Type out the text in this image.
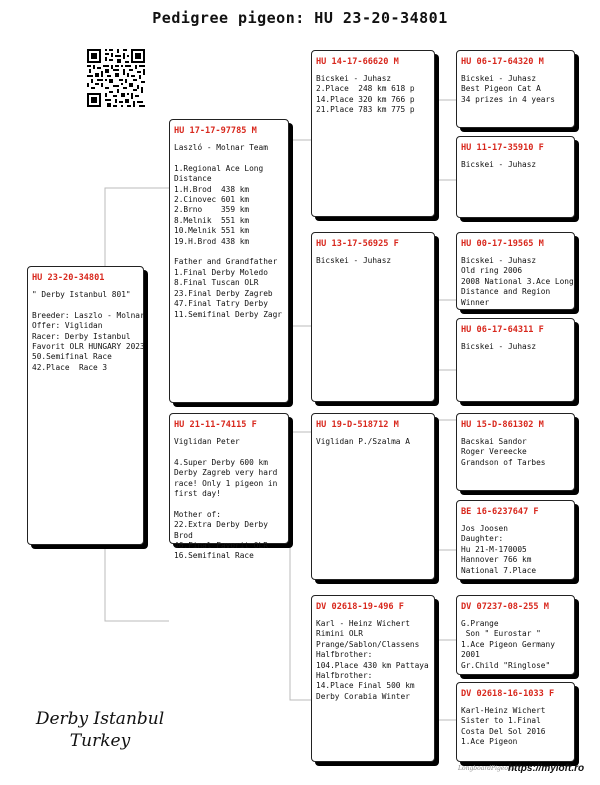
Pedigree pigeon: HU 23-20-34801
HU 23-20-34801
" Derby Istanbul 801"

Breeder: Laszlo - Molnar
Offer: Viglidan
Racer: Derby Istanbul
Favorit OLR HUNGARY 2023
50.Semifinal Race
42.Place  Race 3
HU 17-17-97785 M
Laszló - Molnar Team

1.Regional Ace Long
Distance
1.H.Brod  438 km
2.Cinovec 601 km
2.Brno    359 km
8.Melnik  551 km
10.Melnik 551 km
19.H.Brod 438 km

Father and Grandfather
1.Final Derby Moledo
8.Final Tuscan OLR
23.Final Derby Zagreb
47.Final Tatry Derby
11.Semifinal Derby Zagr
HU 21-11-74115 F
Viglidan Peter

4.Super Derby 600 km
Derby Zagreb very hard
race! Only 1 pigeon in
first day!

Mother of:
22.Extra Derby Derby
Brod
46.Final Favorit OLR
16.Semifinal Race
HU 14-17-66620 M
Bicskei - Juhasz
2.Place  248 km 618 p
14.Place 320 km 766 p
21.Place 783 km 775 p
HU 13-17-56925 F
Bicskei - Juhasz
HU 19-D-518712 M
Viglidan P./Szalma A
DV 02618-19-496 F
Karl - Heinz Wichert
Rimini OLR
Prange/Sablon/Classens
Halfbrother:
104.Place 430 km Pattaya
Halfbrother:
14.Place Final 500 km
Derby Corabia Winter
HU 06-17-64320 M
Bicskei - Juhasz
Best Pigeon Cat A
34 prizes in 4 years
HU 11-17-35910 F
Bicskei - Juhasz
HU 00-17-19565 M
Bicskei - Juhasz
Old ring 2006
2008 National 3.Ace Long
Distance and Region
Winner
HU 06-17-64311 F
Bicskei - Juhasz
HU 15-D-861302 M
Bacskai Sandor
Roger Vereecke
Grandson of Tarbes
BE 16-6237647 F
Jos Joosen
Daughter:
Hu 21-M-170005
Hannover 766 km
National 7.Place
DV 07237-08-255 M
G.Prange
Son " Eurostar "
1.Ace Pigeon Germany
2001
Gr.Child "Ringlose"
DV 02618-16-1033 F
Karl-Heinz Wichert
Sister to 1.Final
Costa Del Sol 2016
1.Ace Pigeon
Derby Istanbul
Turkey
LongboardPigeons
https://myloft.ro
